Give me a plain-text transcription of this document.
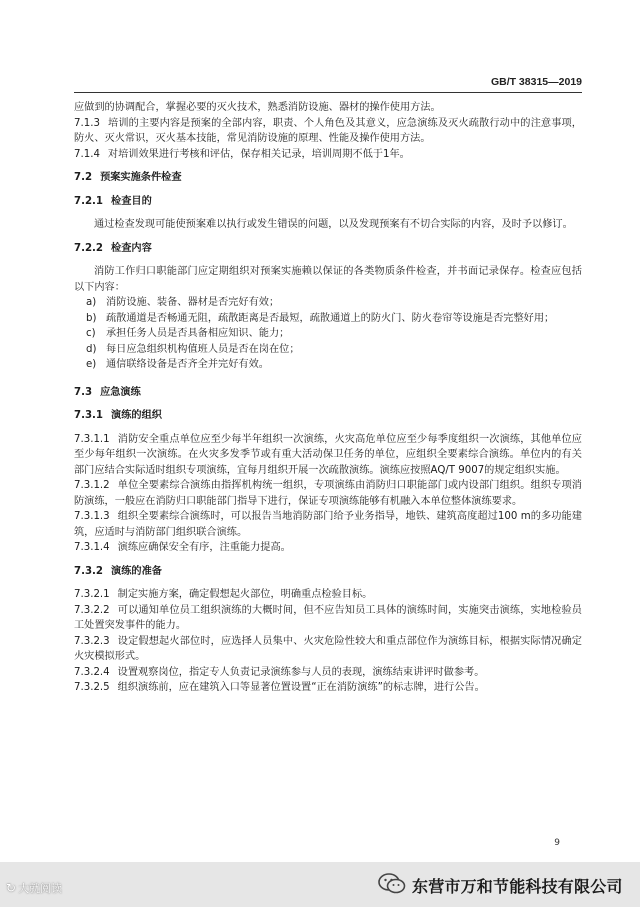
GB/T 38315—2019

应做到的协调配合，掌握必要的灭火技术，熟悉消防设施、器材的操作使用方法。

7.1.3 培训的主要内容是预案的全部内容，职责、个人角色及其意义，应急演练及灭火疏散行动中的注意事项，防火、灭火常识，灭火基本技能，常见消防设施的原理、性能及操作使用方法。

7.1.4 对培训效果进行考核和评估，保存相关记录，培训周期不低于1年。

7.2 预案实施条件检查

7.2.1 检查目的

通过检查发现可能使预案难以执行或发生错误的问题，以及发现预案有不切合实际的内容，及时予以修订。

7.2.2 检查内容

消防工作归口职能部门应定期组织对预案实施赖以保证的各类物质条件检查，并书面记录保存。检查应包括以下内容：

a) 消防设施、装备、器材是否完好有效；
b) 疏散通道是否畅通无阻，疏散距离是否最短，疏散通道上的防火门、防火卷帘等设施是否完整好用；
c)	承担任务人员是否具备相应知识、能力；
d) 每日应急组织机构值班人员是否在岗在位；
e) 通信联络设备是否齐全并完好有效。

7.3 应急演练

7.3.1 演练的组织

7.3.1.1 消防安全重点单位应至少每半年组织一次演练，火灾高危单位应至少每季度组织一次演练，其他单位应至少每年组织一次演练。在火灾多发季节或有重大活动保卫任务的单位，应组织全要素综合演练。单位内的有关部门应结合实际适时组织专项演练，宜每月组织开展一次疏散演练。演练应按照AQ/T 9007的规定组织实施。

7.3.1.2 单位全要素综合演练由指挥机构统一组织，专项演练由消防归口职能部门或内设部门组织。组织专项消防演练，一般应在消防归口职能部门指导下进行，保证专项演练能够有机融入本单位整体演练要求。

7.3.1.3 组织全要素综合演练时，可以报告当地消防部门给予业务指导，地铁、建筑高度超过100 m的多功能建筑，应适时与消防部门组织联合演练。

7.3.1.4 演练应确保安全有序，注重能力提高。

7.3.2 演练的准备

7.3.2.1 制定实施方案，确定假想起火部位，明确重点检验目标。

7.3.2.2 可以通知单位员工组织演练的大概时间，但不应告知员工具体的演练时间，实施突击演练，实地检验员工处置突发事件的能力。

7.3.2.3 设定假想起火部位时，应选择人员集中、火灾危险性较大和重点部位作为演练目标，根据实际情况确定火灾模拟形式。

7.3.2.4 设置观察岗位，指定专人负责记录演练参与人员的表现，演练结束讲评时做参考。

7.3.2.5 组织演练前，应在建筑入口等显著位置设置“正在消防演练”的标志牌，进行公告。

9
↻ 大就阅读	东营市万和节能科技有限公司
